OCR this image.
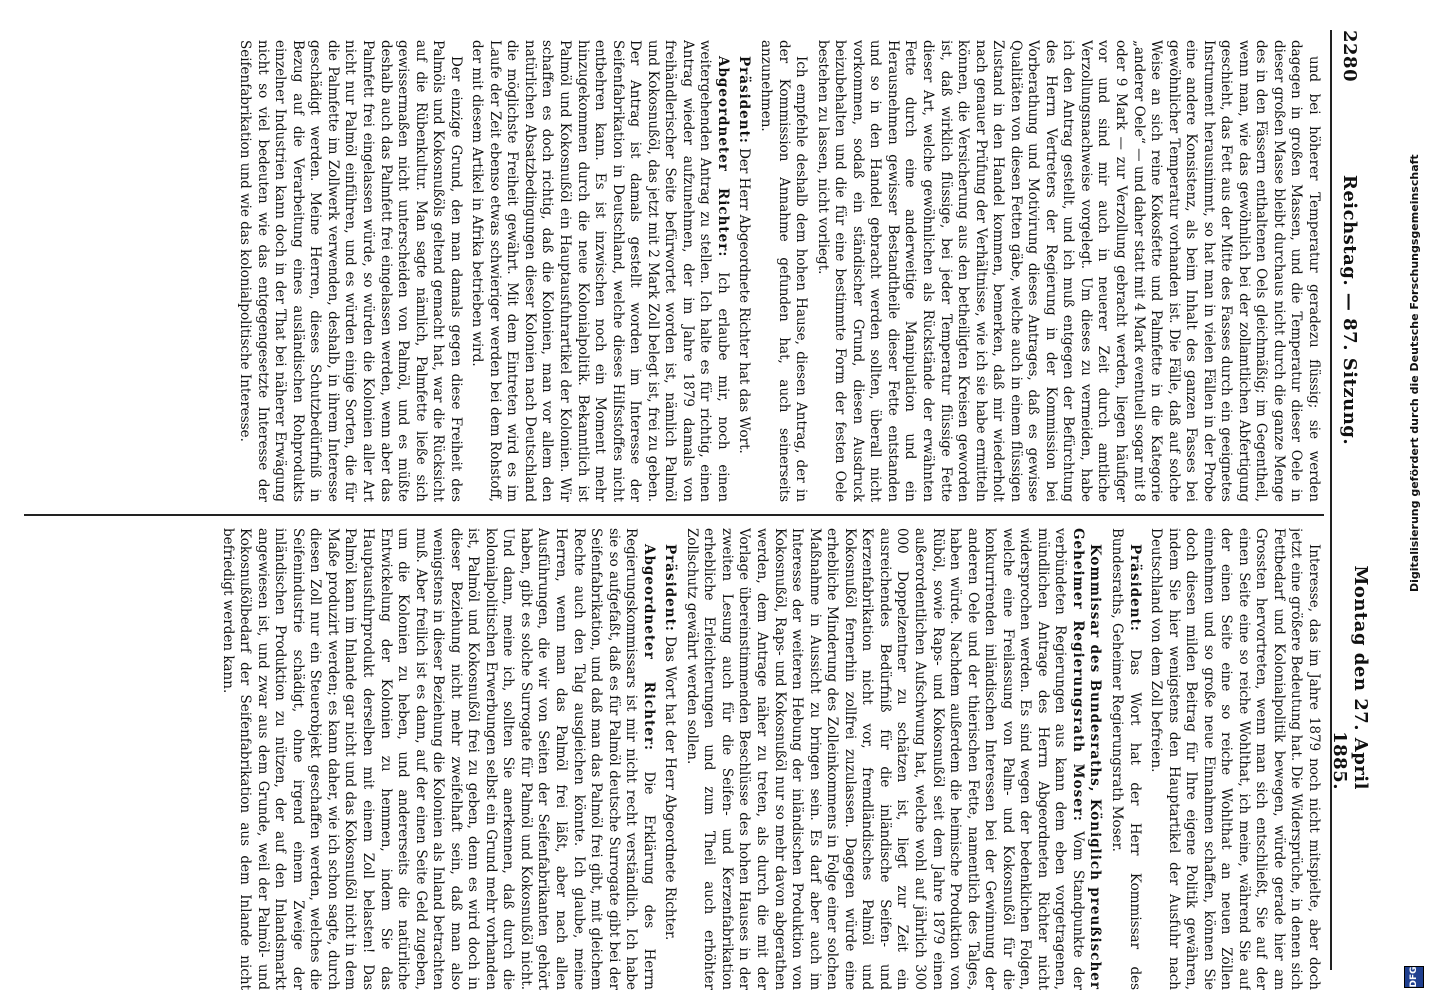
2280
Reichstag. — 87. Sitzung.
Montag den 27. April 1885.

und bei höherer Temperatur geradezu flüssig; sie werden dagegen in großen Massen, und die Temperatur dieser Oele in dieser großen Masse bleibt durchaus nicht durch die ganze Menge des in den Fässern enthaltenen Oels gleichmäßig; im Gegentheil, wenn man, wie das gewöhnlich bei der zollamtlichen Abfertigung geschieht, das Fett aus der Mitte des Fasses durch ein geeignetes Instrument herausnimmt, so hat man in vielen Fällen in der Probe eine andere Konsistenz, als beim Inhalt des ganzen Fasses bei gewöhnlicher Temperatur vorhanden ist. Die Fälle, daß auf solche Weise an sich reine Kokosfette und Palmfette in die Kategorie „anderer Oele“ — und daher statt mit 4 Mark eventuell sogar mit 8 oder 9 Mark — zur Verzollung gebracht werden, liegen häufiger vor und sind mir auch in neuerer Zeit durch amtliche Verzollungsnachweise vorgelegt. Um dieses zu vermeiden, habe ich den Antrag gestellt, und ich muß entgegen der Befürchtung des Herrn Vertreters der Regierung in der Kommission bei Vorberathung und Motivirung dieses Antrages, daß es gewisse Qualitäten von diesen Fetten gäbe, welche auch in einem flüssigen Zustand in den Handel kommen, bemerken, daß mir wiederholt nach genauer Prüfung der Verhältnisse, wie ich sie habe ermitteln können, die Versicherung aus den betheiligten Kreisen geworden ist, daß wirklich flüssige, bei jeder Temperatur flüssige Fette dieser Art, welche gewöhnlichen als Rückstände der erwähnten Fette durch eine anderweitige Manipulation und ein Herausnehmen gewisser Bestandtheile dieser Fette entstanden und so in den Handel gebracht werden sollten, überall nicht vorkommen, sodaß ein ständischer Grund, diesen Ausdruck beizubehalten und die für eine bestimmte Form der festen Oele bestehen zu lassen, nicht vorliegt.

Ich empfehle deshalb dem hohen Hause, diesen Antrag, der in der Kommission Annahme gefunden hat, auch seinerseits anzunehmen.

Präsident: Der Herr Abgeordnete Richter hat das Wort.

Abgeordneter Richter: Ich erlaube mir, noch einen weitergehenden Antrag zu stellen. Ich halte es für richtig, einen Antrag wieder aufzunehmen, der im Jahre 1879 damals von freihändlerischer Seite befürwortet worden ist, nämlich Palmöl und Kokosnußöl, das jetzt mit 2 Mark Zoll belegt ist, frei zu geben. Der Antrag ist damals gestellt worden im Interesse der Seifenfabrikation in Deutschland, welche dieses Hilfsstoffes nicht entbehren kann. Es ist inzwischen noch ein Moment mehr hinzugekommen durch die neue Kolonialpolitik. Bekanntlich ist Palmöl und Kokosnußöl ein Hauptausfuhrartikel der Kolonien. Wir schaffen es doch richtig, daß die Kolonien, man vor allem den natürlichen Absatzbedingungen dieser Kolonien nach Deutschland die möglichste Freiheit gewährt. Mit dem Eintreten wird es im Laufe der Zeit ebenso etwas schwieriger werden bei dem Rohstoff, der mit diesem Artikel in Afrika betrieben wird.

Der einzige Grund, den man damals gegen diese Freiheit des Palmöls und Kokosnußöls geltend gemacht hat, war die Rücksicht auf die Rübenkultur. Man sagte nämlich, Palmfette ließe sich gewissermaßen nicht unterscheiden von Palmöl, und es müßte deshalb auch das Palmfett frei eingelassen werden, wenn aber das Palmfett frei eingelassen würde, so würden die Kolonien aller Art nicht nur Palmöl einführen, und es würden einige Sorten, die für die Palmfette im Zollwerk verwenden, deshalb, in ihrem Interesse geschädigt werden. Meine Herren, dieses Schutzbedürfniß in Bezug auf die Verarbeitung eines ausländischen Rohprodukts einzelner Industrien kann doch in der That bei näherer Erwägung nicht so viel bedeuten wie das entgegengesetzte Interesse der Seifenfabrikation und wie das kolonialpolitische Interesse.

Interesse, das im Jahre 1879 noch nicht mitspielte, aber doch jetzt eine größere Bedeutung hat. Die Widersprüche, in denen sich Fettbedarf und Kolonialpolitik bewegen, würde gerade hier am Grossten hervortreten, wenn man sich entschließt, Sie auf der einen Seite eine so reiche Wohlthat, ich meine, während Sie auf der einen Seite eine so reiche Wohlthat an neuen Zöllen einnehmen und so große neue Einnahmen schaffen, können Sie doch diesen milden Beitrag für Ihre eigene Politik gewähren, indem Sie hier wenigstens den Hauptartikel der Ausfuhr nach Deutschland von dem Zoll befreien.

Präsident: Das Wort hat der Herr Kommissar des Bundesraths, Geheimer Regierungsrath Moser.

Kommissar des Bundesraths, Königlich preußischer Geheimer Regierungsrath Moser: Vom Standpunkte der verbündeten Regierungen aus kann dem eben vorgetragenen, mündlichen Antrage des Herrn Abgeordneten Richter nicht widersprochen werden. Es sind wegen der bedenklichen Folgen, welche eine Freilassung von Palm- und Kokosnußöl für die konkurrirenden inländischen Interessen bei der Gewinnung der anderen Oele und der thierischen Fette, namentlich des Talges, haben würde. Nachdem außerdem die heimische Produktion von Rüböl, sowie Raps- und Kokosnußöl seit dem Jahre 1879 einen außerordentlichen Aufschwung hat, welche wohl auf jährlich 300 000 Doppelzentner zu schätzen ist, liegt zur Zeit ein ausreichendes Bedürfniß für die inländische Seifen- und Kerzenfabrikation nicht vor, fremdländisches Palmöl und Kokosnußöl fernerhin zollfrei zuzulassen. Dagegen würde eine erhebliche Minderung des Zolleinkommens in Folge einer solchen Maßnahme in Aussicht zu bringen sein. Es darf aber auch im Interesse der weiteren Hebung der inländischen Produktion von Kokosnußöl, Raps- und Kokosnußöl nur so mehr davon abgerathen werden, dem Antrage näher zu treten, als durch die mit der Vorlage übereinstimmenden Beschlüsse des hohen Hauses in der zweiten Lesung auch für die Seifen- und Kerzenfabrikation erhebliche Erleichterungen und zum Theil auch erhöhter Zollschutz gewährt werden sollen.

Präsident: Das Wort hat der Herr Abgeordnete Richter.

Abgeordneter Richter: Die Erklärung des Herrn Regierungskommissars ist mir nicht recht verständlich. Ich habe sie so aufgefaßt, daß es für Palmöl deutsche Surrogate gibt bei der Seifenfabrikation, und daß man das Palmöl frei gibt, mit gleichem Rechte auch den Talg ausgleichen könnte. Ich glaube, meine Herren, wenn man das Palmöl frei läßt, aber nach allen Ausführungen, die wir von Seiten der Seifenfabrikanten gehört haben, gibt es solche Surrogate für Palmöl und Kokosnußöl nicht. Und dann, meine ich, sollten Sie anerkennen, daß durch die kolonialpolitischen Erwerbungen selbst ein Grund mehr vorhanden ist, Palmöl und Kokosnußöl frei zu geben, denn es wird doch in dieser Beziehung nicht mehr zweifelhaft sein, daß man also wenigstens in dieser Beziehung die Kolonien als Inland betrachten muß. Aber freilich ist es dann, auf der einen Seite Geld zugeben, um die Kolonien zu heben, und andererseits die natürliche Entwickelung der Kolonien zu hemmen, indem Sie das Hauptausfuhrprodukt derselben mit einem Zoll belasten! Das Palmöl kann im Inlande gar nicht und das Kokosnußöl nicht in dem Maße produzirt werden; es kann daher, wie ich schon sagte, durch diesen Zoll nur ein Steuerobjekt geschaffen werden, welches die Seifenindustrie schädigt, ohne irgend einem Zweige der inländischen Produktion zu nützen, der auf den Inlandsmarkt angewiesen ist, und zwar aus dem Grunde, weil der Palmöl- und Kokosnußölbedarf der Seifenfabrikation aus dem Inlande nicht befriedigt werden kann.

Digitalisierung gefördert durch die Deutsche Forschungsgemeinschaft
DFG
